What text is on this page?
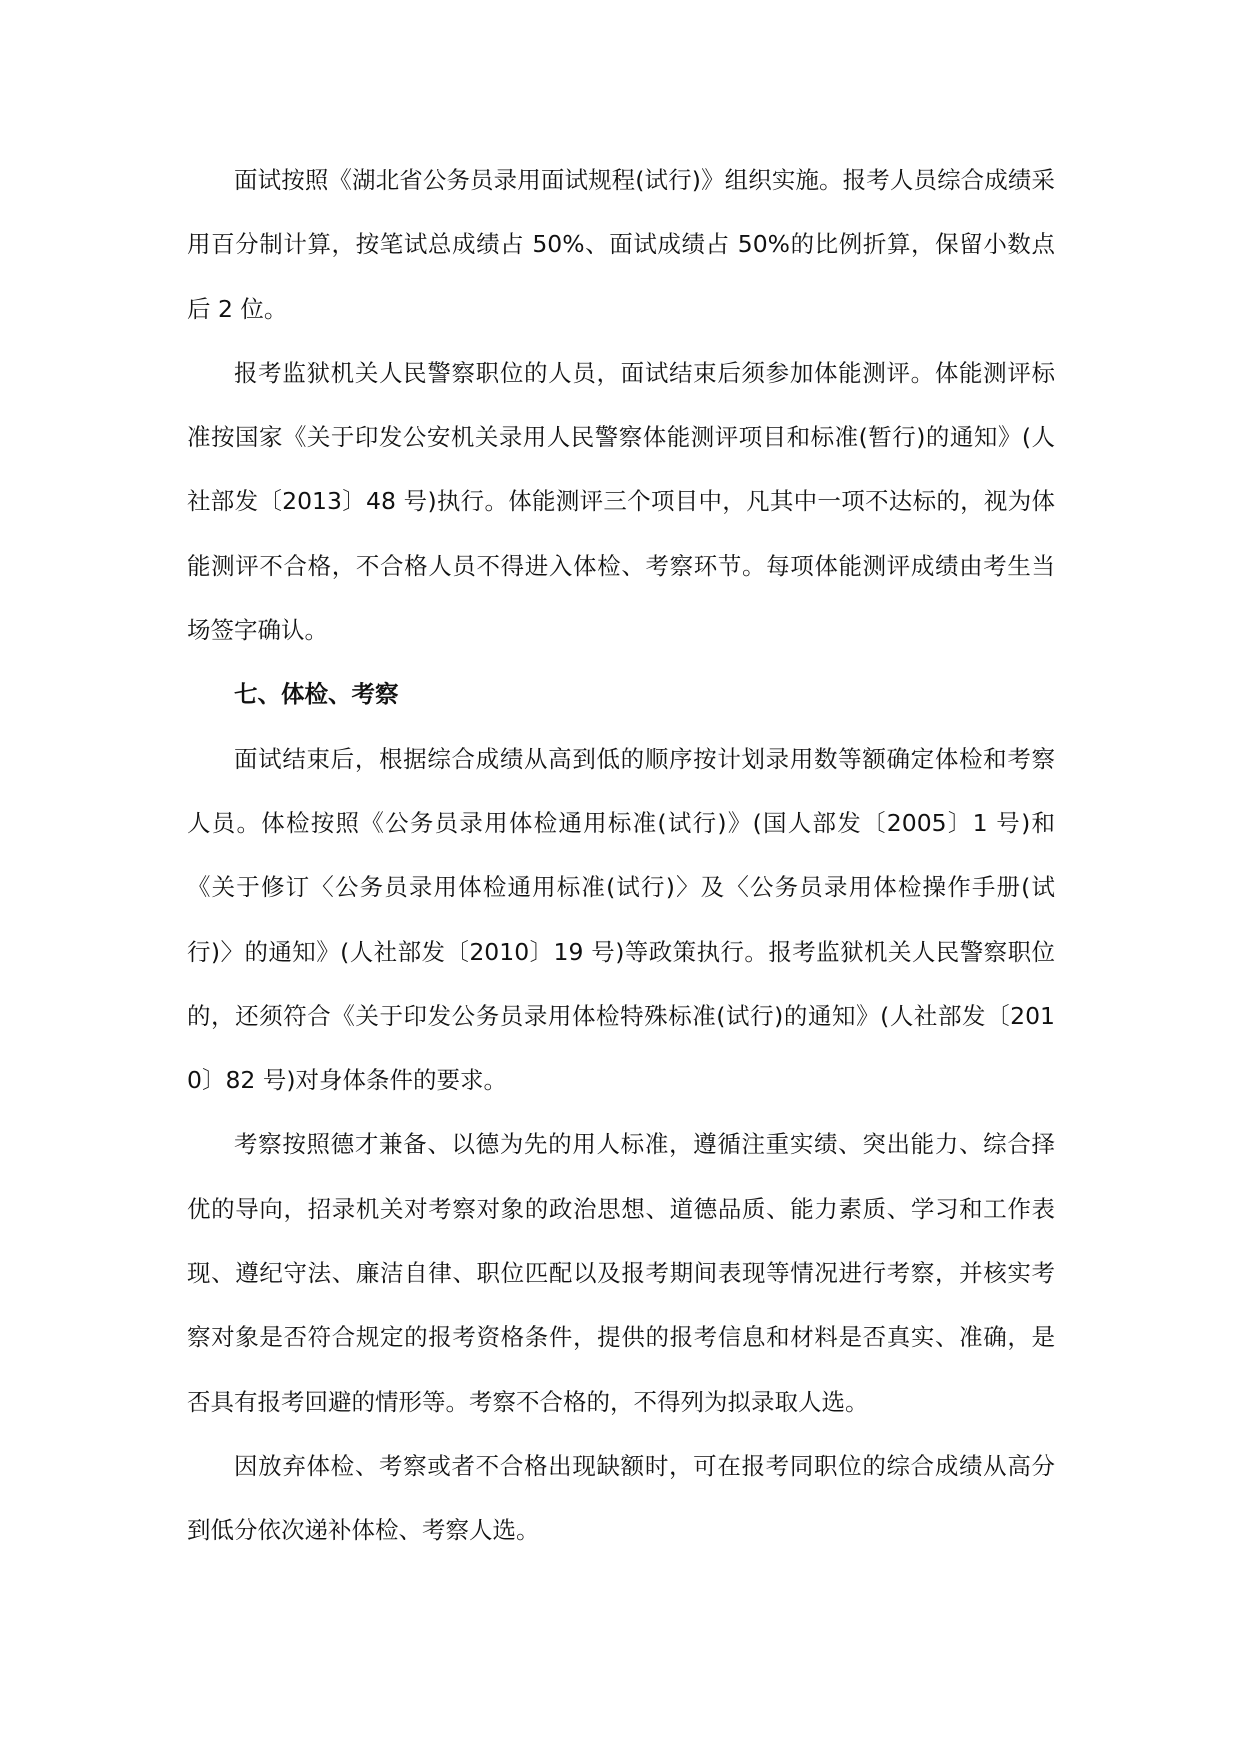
面试按照《湖北省公务员录用面试规程(试行)》组织实施。报考人员综合成绩采用百分制计算，按笔试总成绩占 50%、面试成绩占 50%的比例折算，保留小数点后 2 位。

报考监狱机关人民警察职位的人员，面试结束后须参加体能测评。体能测评标准按国家《关于印发公安机关录用人民警察体能测评项目和标准(暂行)的通知》(人社部发〔2013〕48 号)执行。体能测评三个项目中，凡其中一项不达标的，视为体能测评不合格，不合格人员不得进入体检、考察环节。每项体能测评成绩由考生当场签字确认。

七、体检、考察

面试结束后，根据综合成绩从高到低的顺序按计划录用数等额确定体检和考察人员。体检按照《公务员录用体检通用标准(试行)》(国人部发〔2005〕1 号)和《关于修订〈公务员录用体检通用标准(试行)〉及〈公务员录用体检操作手册(试行)〉的通知》(人社部发〔2010〕19 号)等政策执行。报考监狱机关人民警察职位的，还须符合《关于印发公务员录用体检特殊标准(试行)的通知》(人社部发〔2010〕82 号)对身体条件的要求。

考察按照德才兼备、以德为先的用人标准，遵循注重实绩、突出能力、综合择优的导向，招录机关对考察对象的政治思想、道德品质、能力素质、学习和工作表现、遵纪守法、廉洁自律、职位匹配以及报考期间表现等情况进行考察，并核实考察对象是否符合规定的报考资格条件，提供的报考信息和材料是否真实、准确，是否具有报考回避的情形等。考察不合格的，不得列为拟录取人选。

因放弃体检、考察或者不合格出现缺额时，可在报考同职位的综合成绩从高分到低分依次递补体检、考察人选。
